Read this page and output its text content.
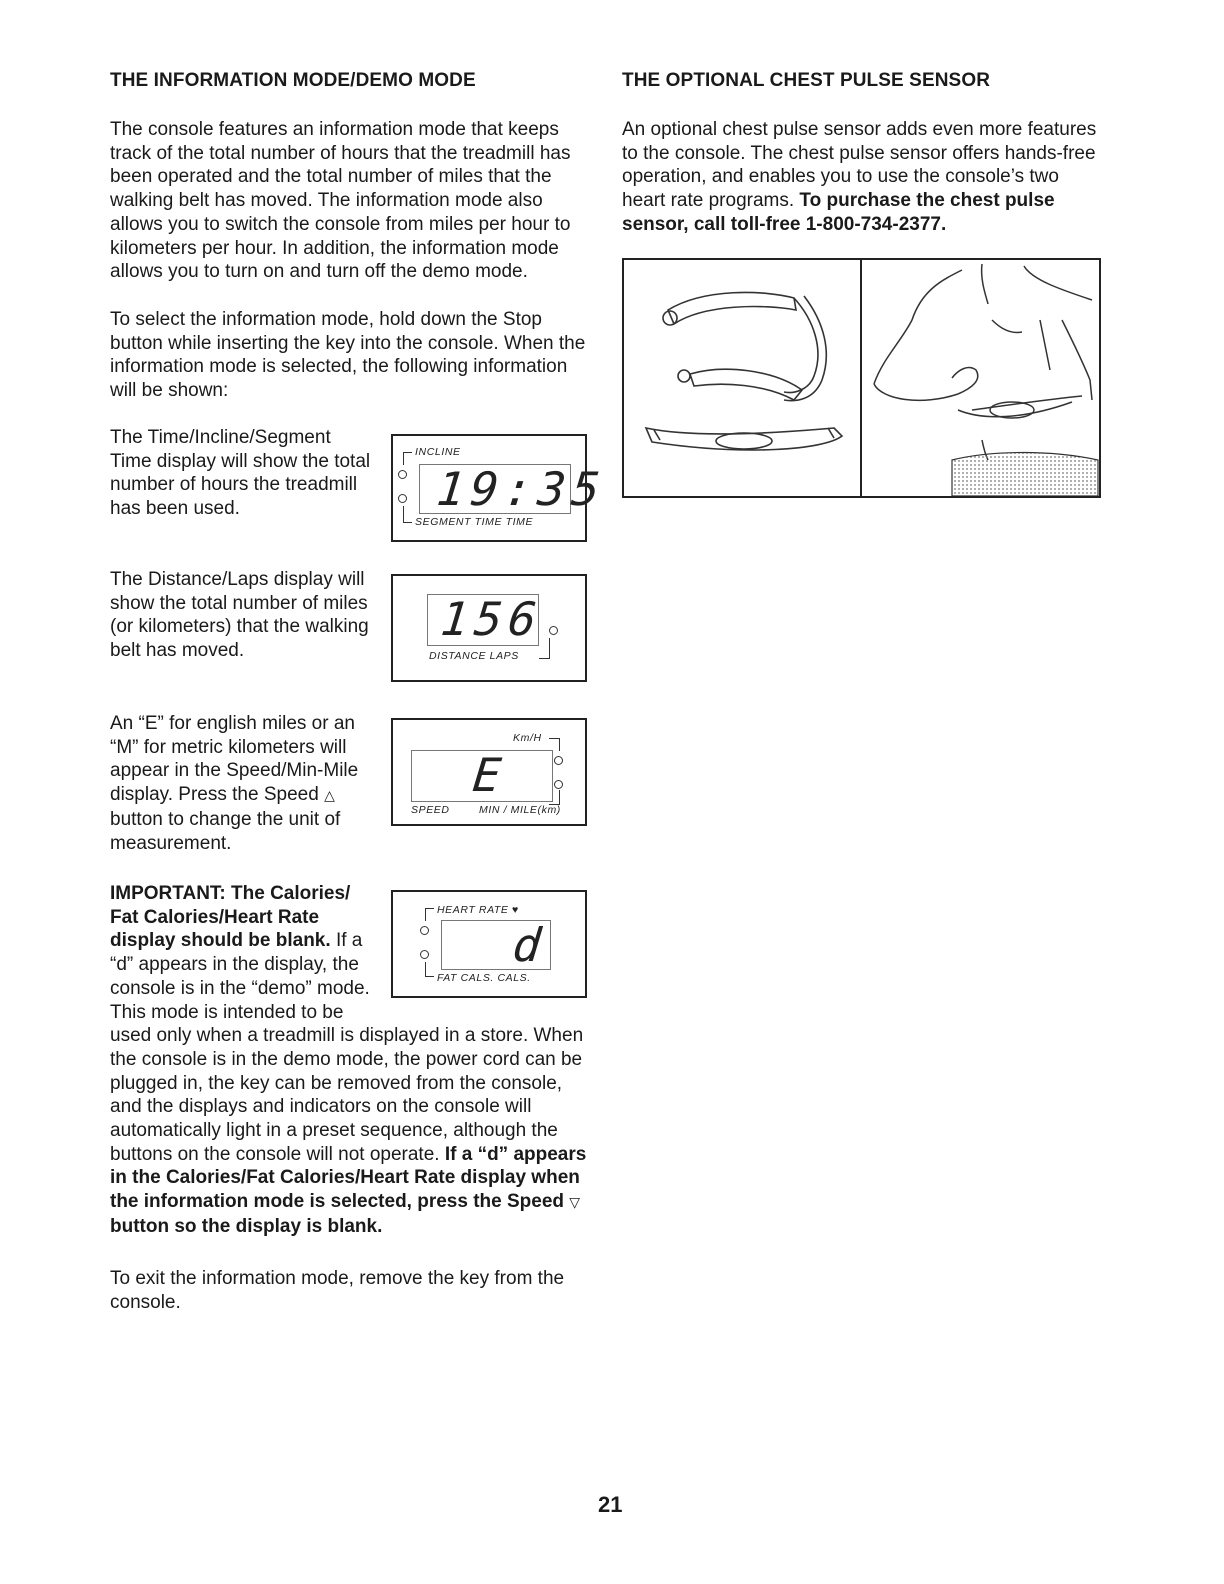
THE INFORMATION MODE/DEMO MODE

The console features an information mode that keeps track of the total number of hours that the treadmill has been operated and the total number of miles that the walking belt has moved. The information mode also allows you to switch the console from miles per hour to kilometers per hour. In addition, the information mode allows you to turn on and turn off the demo mode.

To select the information mode, hold down the Stop button while inserting the key into the console. When the information mode is selected, the following information will be shown:

The Time/Incline/Segment Time display will show the total number of hours the treadmill has been used.

The Distance/Laps display will show the total number of miles (or kilometers) that the walking belt has moved.

An “E” for english miles or an “M” for metric kilometers will appear in the Speed/Min-Mile display. Press the Speed △ button to change the unit of measurement.

IMPORTANT: The Calories/ Fat Calories/Heart Rate display should be blank. If a “d” appears in the display, the console is in the “demo” mode. This mode is intended to be used only when a treadmill is displayed in a store. When the console is in the demo mode, the power cord can be plugged in, the key can be removed from the console, and the displays and indicators on the console will automatically light in a preset sequence, although the buttons on the console will not operate. If a “d” appears in the Calories/Fat Calories/Heart Rate display when the information mode is selected, press the Speed ▽ button so the display is blank.

To exit the information mode, remove the key from the console.

INCLINE
19:35
SEGMENT TIME TIME
156
DISTANCE LAPS
Km/H
E
SPEED	MIN / MILE(km)
HEART RATE ♥
d
FAT CALS. CALS.
THE OPTIONAL CHEST PULSE SENSOR

An optional chest pulse sensor adds even more features to the console. The chest pulse sensor offers hands-free operation, and enables you to use the console’s two heart rate programs. To purchase the chest pulse sensor, call toll-free 1-800-734-2377.

21
